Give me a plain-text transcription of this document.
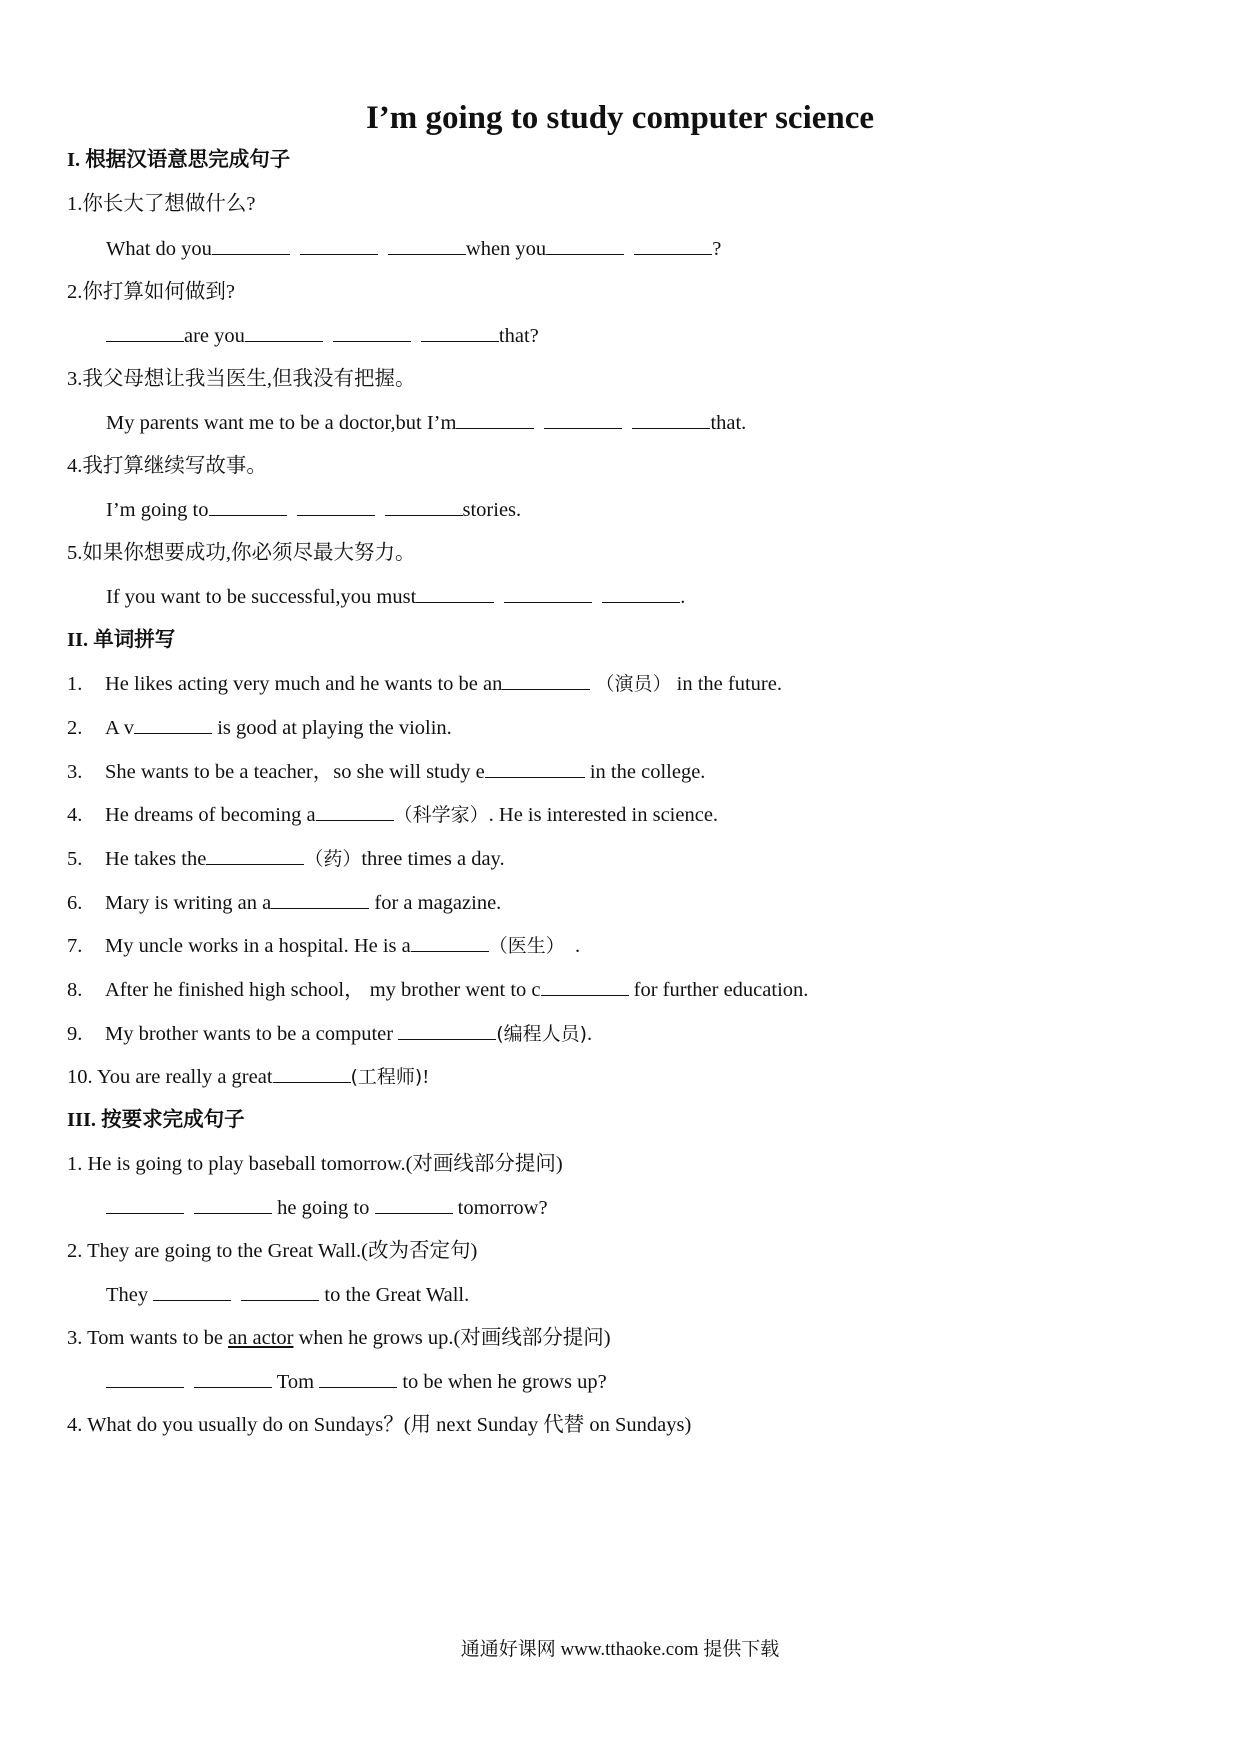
I’m going to study computer science
I. 根据汉语意思完成句子
1.你长大了想做什么?
What do you	when you	?
2.你打算如何做到?
are you	that?
3.我父母想让我当医生,但我没有把握。
My parents want me to be a doctor,but I’m	that.
4.我打算继续写故事。
I’m going to	stories.
5.如果你想要成功,你必须尽最大努力。
If you want to be successful,you must	.
II. 单词拼写
1. He likes acting very much and he wants to be an	（演员） in the future.
2. A v	is good at playing the violin.
3. She wants to be a teacher，so she will study e	in the college.
4. He dreams of becoming a	（科学家）. He is interested in science.
5. He takes the	（药）three times a day.
6. Mary is writing an a	for a magazine.
7. My uncle works in a hospital. He is a	（医生） .
8. After he finished high school， my brother went to c	for further education.
9. My brother wants to be a computer	(编程人员).
10. You are really a great	(工程师)!
III. 按要求完成句子
1. He is going to play baseball tomorrow.(对画线部分提问)
he going to	tomorrow?
2. They are going to the Great Wall.(改为否定句)
They	to the Great Wall.
3. Tom wants to be an actor when he grows up.(对画线部分提问)
Tom	to be when he grows up?
4. What do you usually do on Sundays？(用 next Sunday 代替 on Sundays)
通通好课网 www.tthaoke.com 提供下载
